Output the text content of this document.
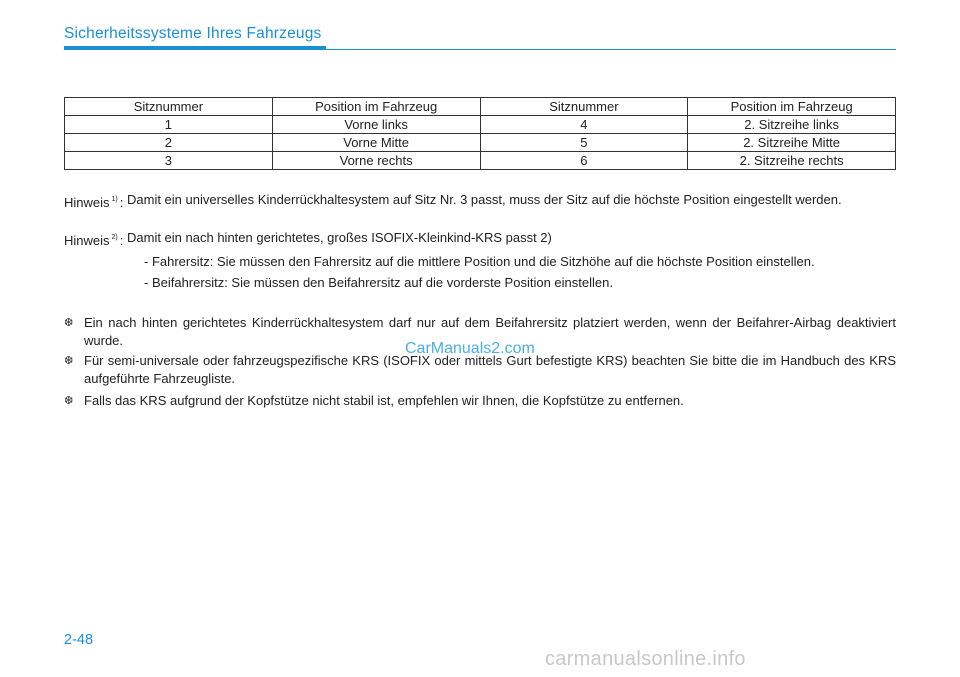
Sicherheitssysteme Ihres Fahrzeugs
Sitznummer	Position im Fahrzeug	Sitznummer	Position im Fahrzeug
1	Vorne links	4	2. Sitzreihe links
2	Vorne Mitte	5	2. Sitzreihe Mitte
3	Vorne rechts	6	2. Sitzreihe rechts
Hinweis $^{1)}$ : Damit ein universelles Kinderrückhaltesystem auf Sitz Nr. 3 passt, muss der Sitz auf die höchste Position eingestellt werden.
Hinweis $^{2)}$ : Damit ein nach hinten gerichtetes, großes ISOFIX-Kleinkind-KRS passt 2)
- Fahrersitz: Sie müssen den Fahrersitz auf die mittlere Position und die Sitzhöhe auf die höchste Position einstellen.
- Beifahrersitz: Sie müssen den Beifahrersitz auf die vorderste Position einstellen.
❆ Ein nach hinten gerichtetes Kinderrückhaltesystem darf nur auf dem Beifahrersitz platziert werden, wenn der Beifahrer-Airbag deaktiviert wurde.
❆ Für semi-universale oder fahrzeugspezifische KRS (ISOFIX oder mittels Gurt befestigte KRS) beachten Sie bitte die im Handbuch des KRS aufgeführte Fahrzeugliste.
❆ Falls das KRS aufgrund der Kopfstütze nicht stabil ist, empfehlen wir Ihnen, die Kopfstütze zu entfernen.
CarManuals2.com
2-48
carmanualsonline.info
